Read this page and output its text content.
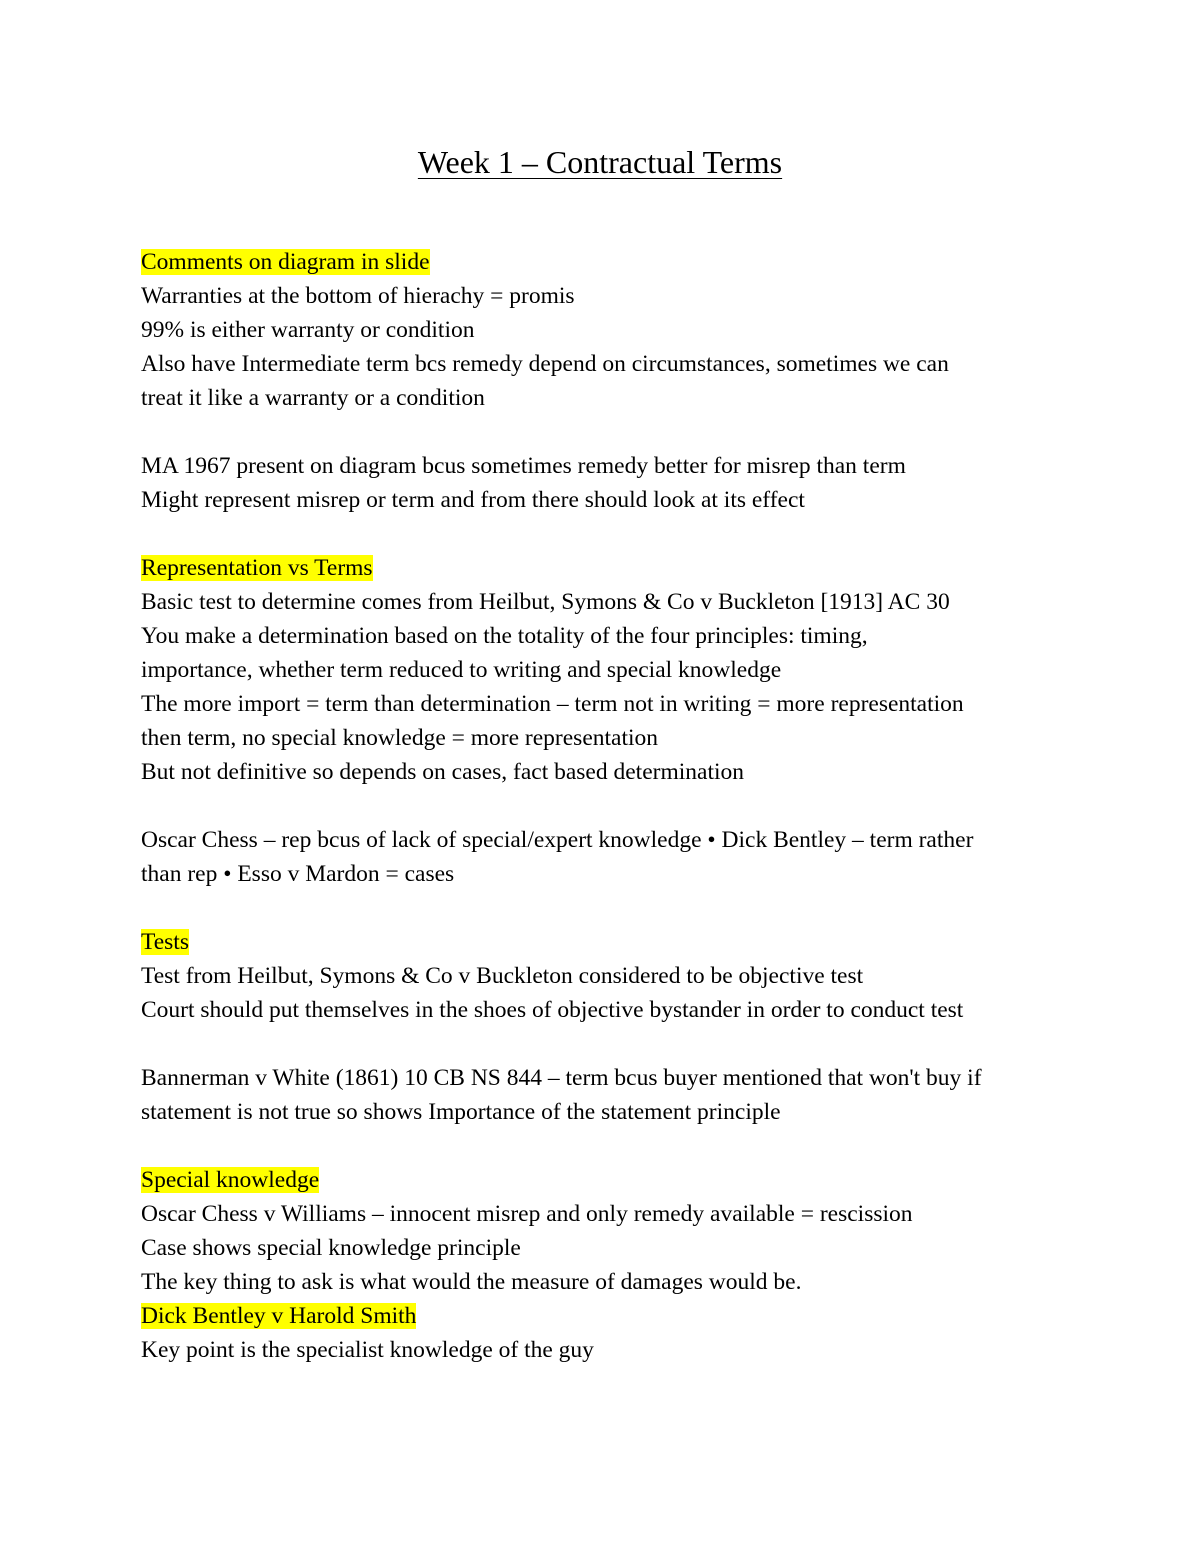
Week 1 – Contractual Terms

Comments on diagram in slide

Warranties at the bottom of hierachy = promis

99% is either warranty or condition

Also have Intermediate term bcs remedy depend on circumstances, sometimes we can

treat it like a warranty or a condition

MA 1967 present on diagram bcus sometimes remedy better for misrep than term

Might represent misrep or term and from there should look at its effect

Representation vs Terms

Basic test to determine comes from Heilbut, Symons & Co v Buckleton [1913] AC 30

You make a determination based on the totality of the four principles: timing,

importance, whether term reduced to writing and special knowledge

The more import = term than determination – term not in writing = more representation

then term, no special knowledge = more representation

But not definitive so depends on cases, fact based determination

Oscar Chess – rep bcus of lack of special/expert knowledge • Dick Bentley – term rather

than rep • Esso v Mardon = cases

Tests

Test from Heilbut, Symons & Co v Buckleton considered to be objective test

Court should put themselves in the shoes of objective bystander in order to conduct test

Bannerman v White (1861) 10 CB NS 844 – term bcus buyer mentioned that won't buy if

statement is not true so shows Importance of the statement principle

Special knowledge

Oscar Chess v Williams – innocent misrep and only remedy available = rescission

Case shows special knowledge principle

The key thing to ask is what would the measure of damages would be.

Dick Bentley v Harold Smith

Key point is the specialist knowledge of the guy
